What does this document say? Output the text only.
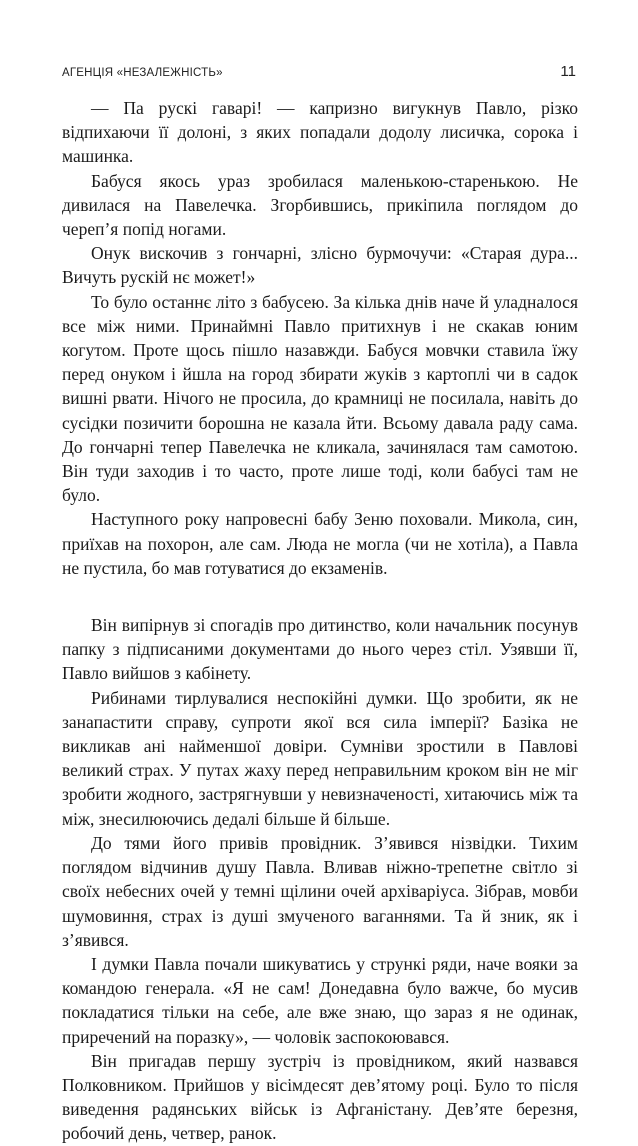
АГЕНЦІЯ «НЕЗАЛЕЖНІСТЬ»	11

— Па рускі гаварі! — капризно вигукнув Павло, різко відпихаючи її долоні, з яких попадали додолу лисичка, сорока і машинка.

Бабуся якось ураз зробилася маленькою-старенькою. Не дивилася на Павелечка. Згорбившись, прикіпила поглядом до череп’я попід ногами.

Онук вискочив з гончарні, злісно бурмочучи: «Старая дура... Вичуть рускій нє может!»

То було останнє літо з бабусею. За кілька днів наче й уладналося все між ними. Принаймні Павло притихнув і не скакав юним когутом. Проте щось пішло назавжди. Бабуся мовчки ставила їжу перед онуком і йшла на город збирати жуків з картоплі чи в садок вишні рвати. Нічого не просила, до крамниці не посилала, навіть до сусідки позичити борошна не казала йти. Всьому давала раду сама. До гончарні тепер Павелечка не кликала, зачинялася там самотою. Він туди заходив і то часто, проте лише тоді, коли бабусі там не було.

Наступного року напровесні бабу Зеню поховали. Микола, син, приїхав на похорон, але сам. Люда не могла (чи не хотіла), а Павла не пустила, бо мав готуватися до екзаменів.

Він випірнув зі спогадів про дитинство, коли начальник посунув папку з підписаними документами до нього через стіл. Узявши її, Павло вийшов з кабінету.

Рибинами тирлувалися неспокійні думки. Що зробити, як не занапастити справу, супроти якої вся сила імперії? Базіка не викликав ані найменшої довіри. Сумніви зростили в Павлові великий страх. У путах жаху перед неправильним кроком він не міг зробити жодного, застрягнувши у невизначеності, хитаючись між та між, знесилюючись дедалі більше й більше.

До тями його привів провідник. З’явився нізвідки. Тихим поглядом відчинив душу Павла. Вливав ніжно-трепетне світло зі своїх небесних очей у темні щілини очей архіваріуса. Зібрав, мовби шумовиння, страх із душі змученого ваганнями. Та й зник, як і з’явився.

І думки Павла почали шикуватись у стрункі ряди, наче вояки за командою генерала. «Я не сам! Донедавна було важче, бо мусив покладатися тільки на себе, але вже знаю, що зараз я не одинак, приречений на поразку», — чоловік заспокоювався.

Він пригадав першу зустріч із провідником, який назвався Полковником. Прийшов у вісімдесят дев’ятому році. Було то після виведення радянських військ із Афганістану. Дев’яте березня, робочий день, четвер, ранок.
